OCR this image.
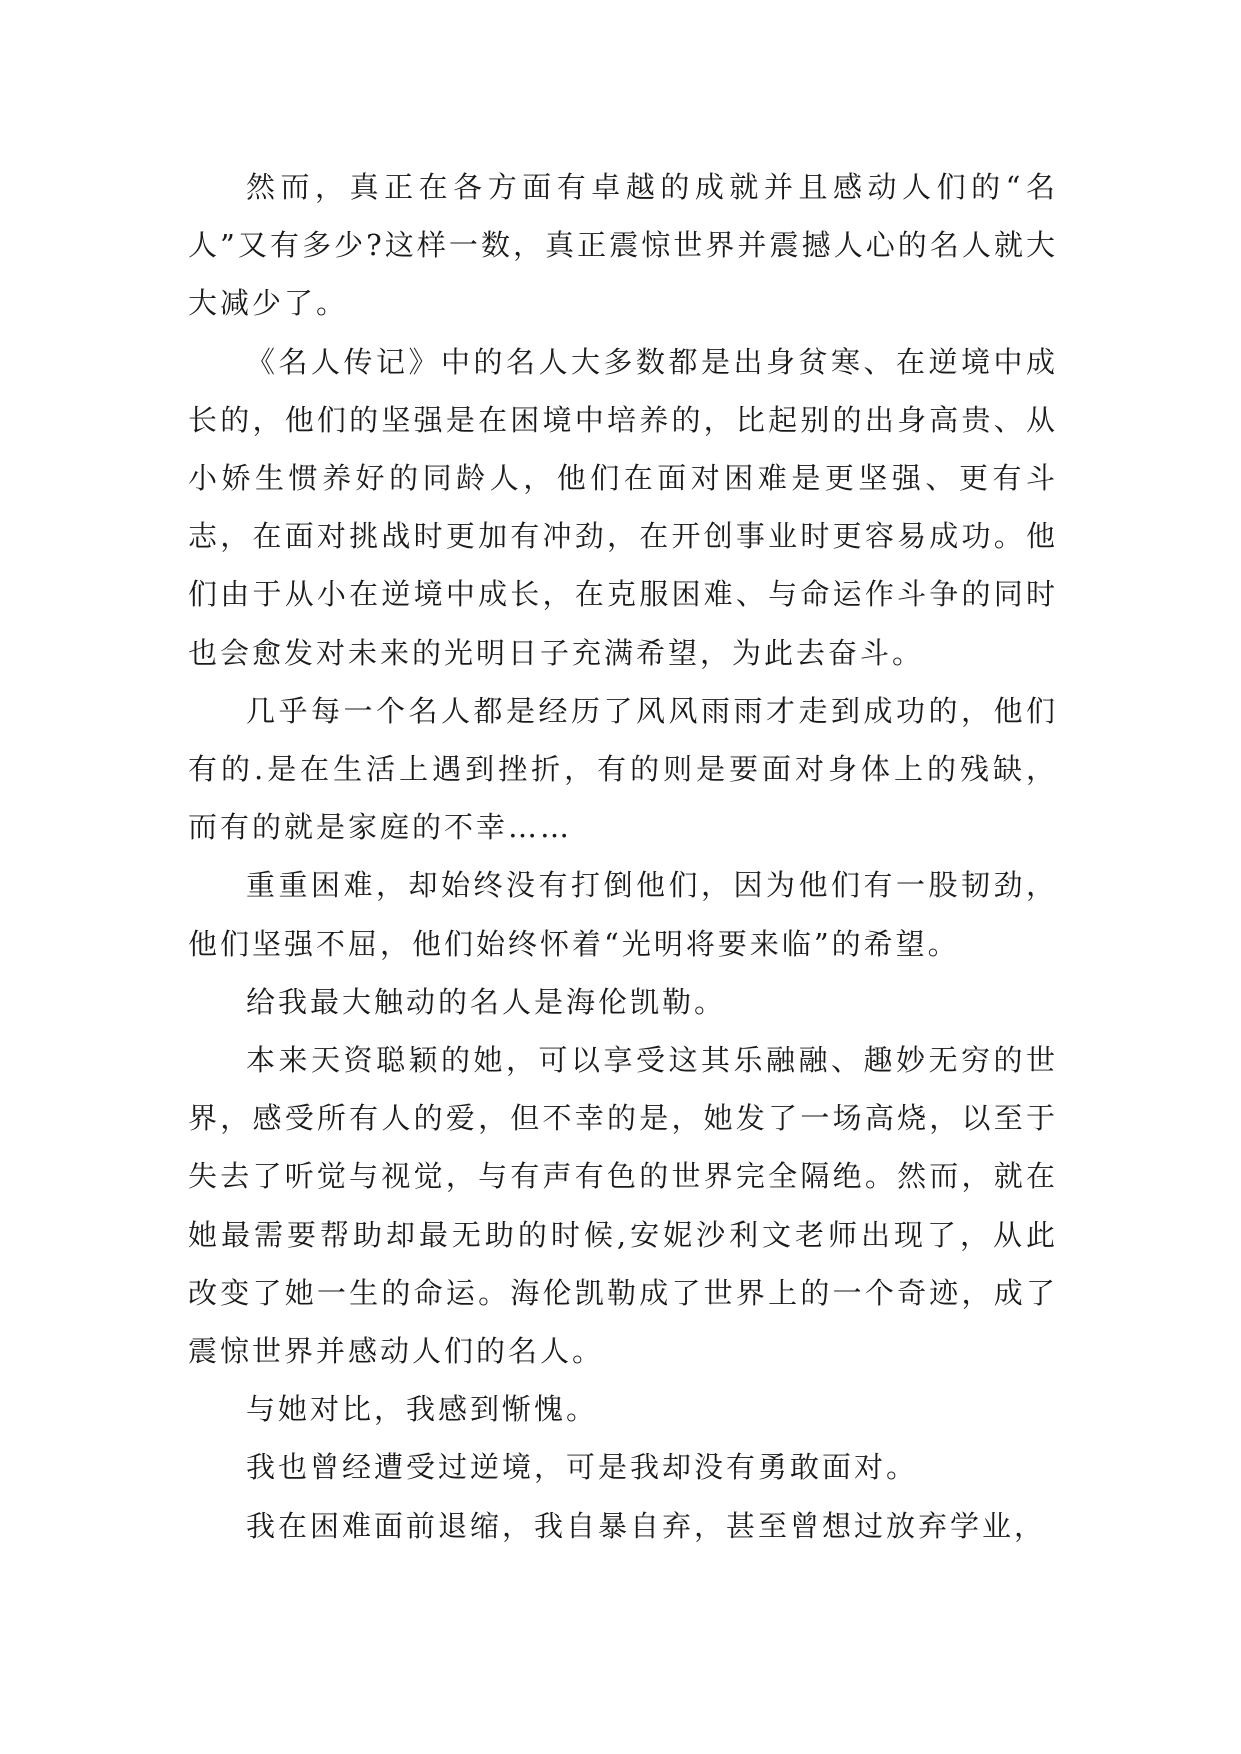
然而，真正在各方面有卓越的成就并且感动人们的“名人”又有多少?这样一数，真正震惊世界并震撼人心的名人就大大减少了。

《名人传记》中的名人大多数都是出身贫寒、在逆境中成长的，他们的坚强是在困境中培养的，比起别的出身高贵、从小娇生惯养好的同龄人，他们在面对困难是更坚强、更有斗志，在面对挑战时更加有冲劲，在开创事业时更容易成功。他们由于从小在逆境中成长，在克服困难、与命运作斗争的同时也会愈发对未来的光明日子充满希望，为此去奋斗。

几乎每一个名人都是经历了风风雨雨才走到成功的，他们有的.是在生活上遇到挫折，有的则是要面对身体上的残缺，而有的就是家庭的不幸……

重重困难，却始终没有打倒他们，因为他们有一股韧劲，他们坚强不屈，他们始终怀着“光明将要来临”的希望。

给我最大触动的名人是海伦凯勒。

本来天资聪颖的她，可以享受这其乐融融、趣妙无穷的世界，感受所有人的爱，但不幸的是，她发了一场高烧，以至于失去了听觉与视觉，与有声有色的世界完全隔绝。然而，就在她最需要帮助却最无助的时候,安妮沙利文老师出现了，从此改变了她一生的命运。海伦凯勒成了世界上的一个奇迹，成了震惊世界并感动人们的名人。

与她对比，我感到惭愧。

我也曾经遭受过逆境，可是我却没有勇敢面对。

我在困难面前退缩，我自暴自弃，甚至曾想过放弃学业，
